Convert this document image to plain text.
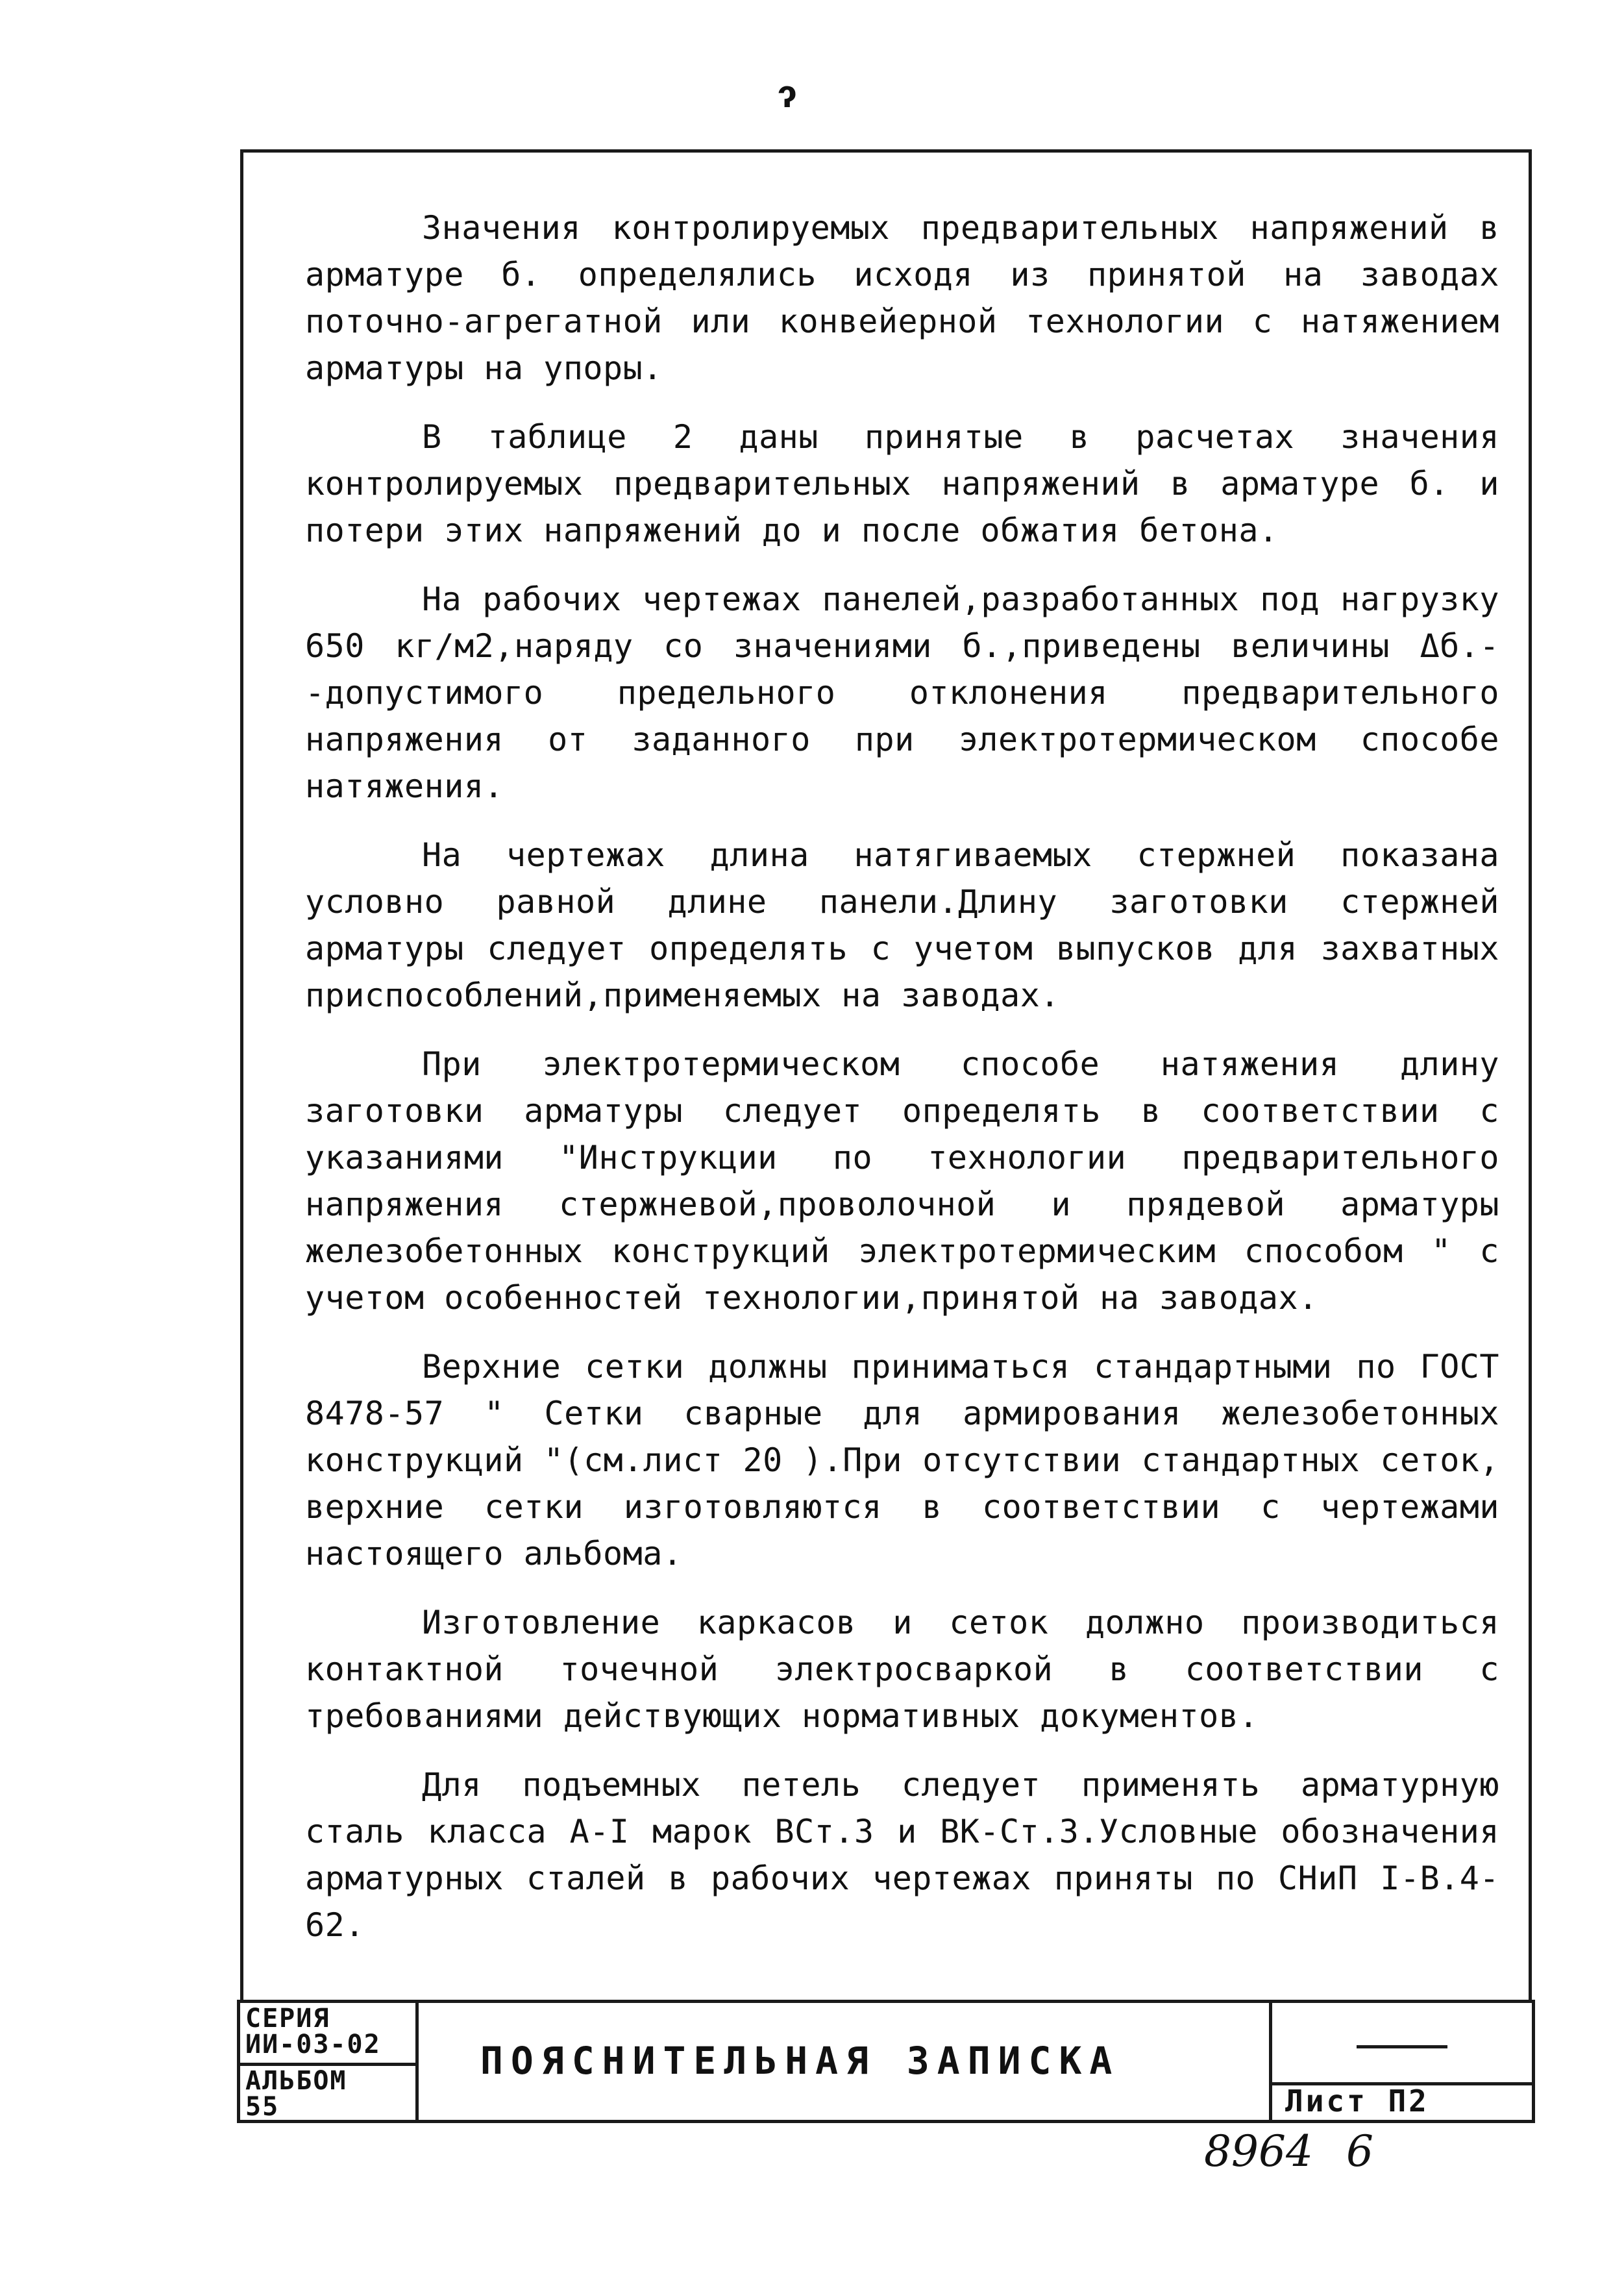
ɂ

Значения контролируемых предварительных напряжений в арматуре б. определялись исходя из принятой на заводах поточно-агрегатной или конвейерной технологии с натяжением арматуры на упоры.

В таблице 2 даны принятые в расчетах значения контролируемых предварительных напряжений в арматуре б. и потери этих напряжений до и после обжатия бетона.

На рабочих чертежах панелей,разработанных под нагрузку 650 кг/м2,наряду со значениями б.,приведены величины Δб.- -допустимого предельного отклонения предварительного напряжения от заданного при электротермическом способе натяжения.

На чертежах длина натягиваемых стержней показана условно равной длине панели.Длину заготовки стержней арматуры следует определять с учетом выпусков для захватных приспособлений,применяемых на заводах.

При электротермическом способе натяжения длину заготовки арматуры следует определять в соответствии с указаниями "Инструкции по технологии предварительного напряжения стержневой,проволочной и прядевой арматуры железобетонных конструкций электротермическим способом " с учетом особенностей технологии,принятой на заводах.

Верхние сетки должны приниматься стандартными по ГОСТ 8478-57 " Сетки сварные для армирования железобетонных конструкций "(см.лист 20 ).При отсутствии стандартных сеток, верхние сетки изготовляются в соответствии с чертежами настоящего альбома.

Изготовление каркасов и сеток должно производиться контактной точечной электросваркой в соответствии с требованиями действующих нормативных документов.

Для подъемных петель следует применять арматурную сталь класса А-I марок ВСт.3 и ВК-Ст.3.Условные обозначения арматурных сталей в рабочих чертежах приняты по СНиП I-В.4-62.

СЕРИЯ
ИИ-03-02
АЛЬБОМ
55
ПОЯСНИТЕЛЬНАЯ ЗАПИСКА
Лист П2
8964 6
